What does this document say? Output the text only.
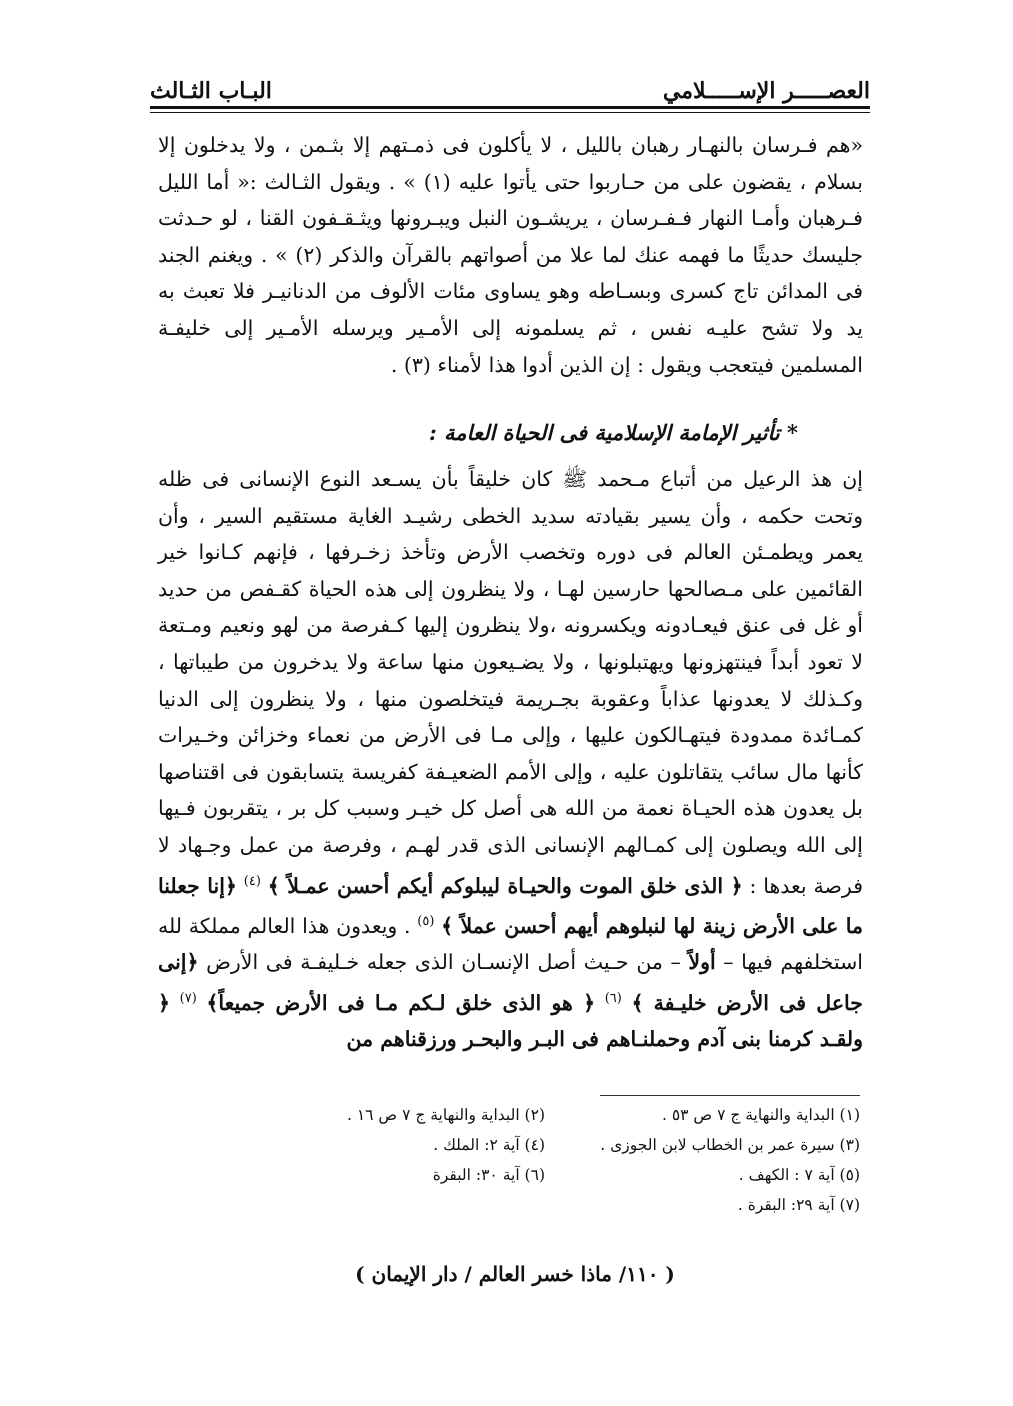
العصـــــر الإســـــلامي
البـاب الثـالث

«هم فـرسان بالنهـار رهبان بالليل ، لا يأكلون فى ذمـتهم إلا بثـمن ، ولا يدخلون إلا بسلام ، يقضون على من حـاربوا حتى يأتوا عليه (١) » . ويقول الثـالث :« أما الليل فـرهبان وأمـا النهار فـفـرسان ، يريشـون النبل ويبـرونها ويثـقـفون القنا ، لو حـدثت جليسك حديثًا ما فهمه عنك لما علا من أصواتهم بالقرآن والذكر (٢) » . ويغنم الجند فى المدائن تاج كسرى وبسـاطه وهو يساوى مئات الألوف من الدنانيـر فلا تعبث به يد ولا تشح عليـه نفس ، ثم يسلمونه إلى الأمـير ويرسله الأمـير إلى خليفـة المسلمين فيتعجب ويقول : إن الذين أدوا هذا لأمناء (٣) .

* تأثير الإمامة الإسلامية فى الحياة العامة :

إن هذ الرعيل من أتباع مـحمد ﷺ كان خليقاً بأن يسـعد النوع الإنسانى فى ظله وتحت حكمه ، وأن يسير بقيادته سديد الخطى رشيـد الغاية مستقيم السير ، وأن يعمر ويطمـئن العالم فى دوره وتخصب الأرض وتأخذ زخـرفها ، فإنهم كـانوا خير القائمين على مـصالحها حارسين لهـا ، ولا ينظرون إلى هذه الحياة كقـفص من حديد أو غل فى عنق فيعـادونه ويكسرونه ،ولا ينظرون إليها كـفرصة من لهو ونعيم ومـتعة لا تعود أبداً فينتهزونها ويهتبلونها ، ولا يضـيعون منها ساعة ولا يدخرون من طيباتها ، وكـذلك لا يعدونها عذاباً وعقوبة بجـريمة فيتخلصون منها ، ولا ينظرون إلى الدنيا كمـائدة ممدودة فيتهـالكون عليها ، وإلى مـا فى الأرض من نعماء وخزائن وخـيرات كأنها مال سائب يتقاتلون عليه ، وإلى الأمم الضعيـفة كفريسة يتسابقون فى اقتناصها بل يعدون هذه الحيـاة نعمة من الله هى أصل كل خيـر وسبب كل بر ، يتقربون فـيها إلى الله ويصلون إلى كمـالهم الإنسانى الذى قدر لهـم ، وفرصة من عمل وجـهاد لا فرصة بعدها : ﴿ الذى خلق الموت والحيـاة ليبلوكم أيكم أحسن عمـلاً ﴾ $^{(٤)}$ ﴿إنا جعلنا ما على الأرض زينة لها لنبلوهم أيهم أحسن عملاً ﴾ $^{(٥)}$ . ويعدون هذا العالم مملكة لله استخلفهم فيها – أولاً – من حـيث أصل الإنسـان الذى جعله خـليفـة فى الأرض ﴿إنى جاعل فى الأرض خليـفة ﴾ $^{(٦)}$ ﴿ هو الذى خلق لـكم مـا فى الأرض جميعاً﴾ $^{(٧)}$ ﴿ ولقـد كرمنا بنى آدم وحملنـاهم فى البـر والبحـر ورزقناهم من

(١) البداية والنهاية ج ٧ ص ٥٣ .
(٢) البداية والنهاية ج ٧ ص ١٦ .
(٣) سيرة عمر بن الخطاب لابن الجوزى .
(٤) آية ٢: الملك .
(٥) آية ٧ : الكهف .
(٦) آية ٣٠: البقرة
(٧) آية ٢٩: البقرة .
( ١١٠/ ماذا خسر العالم / دار الإيمان )
